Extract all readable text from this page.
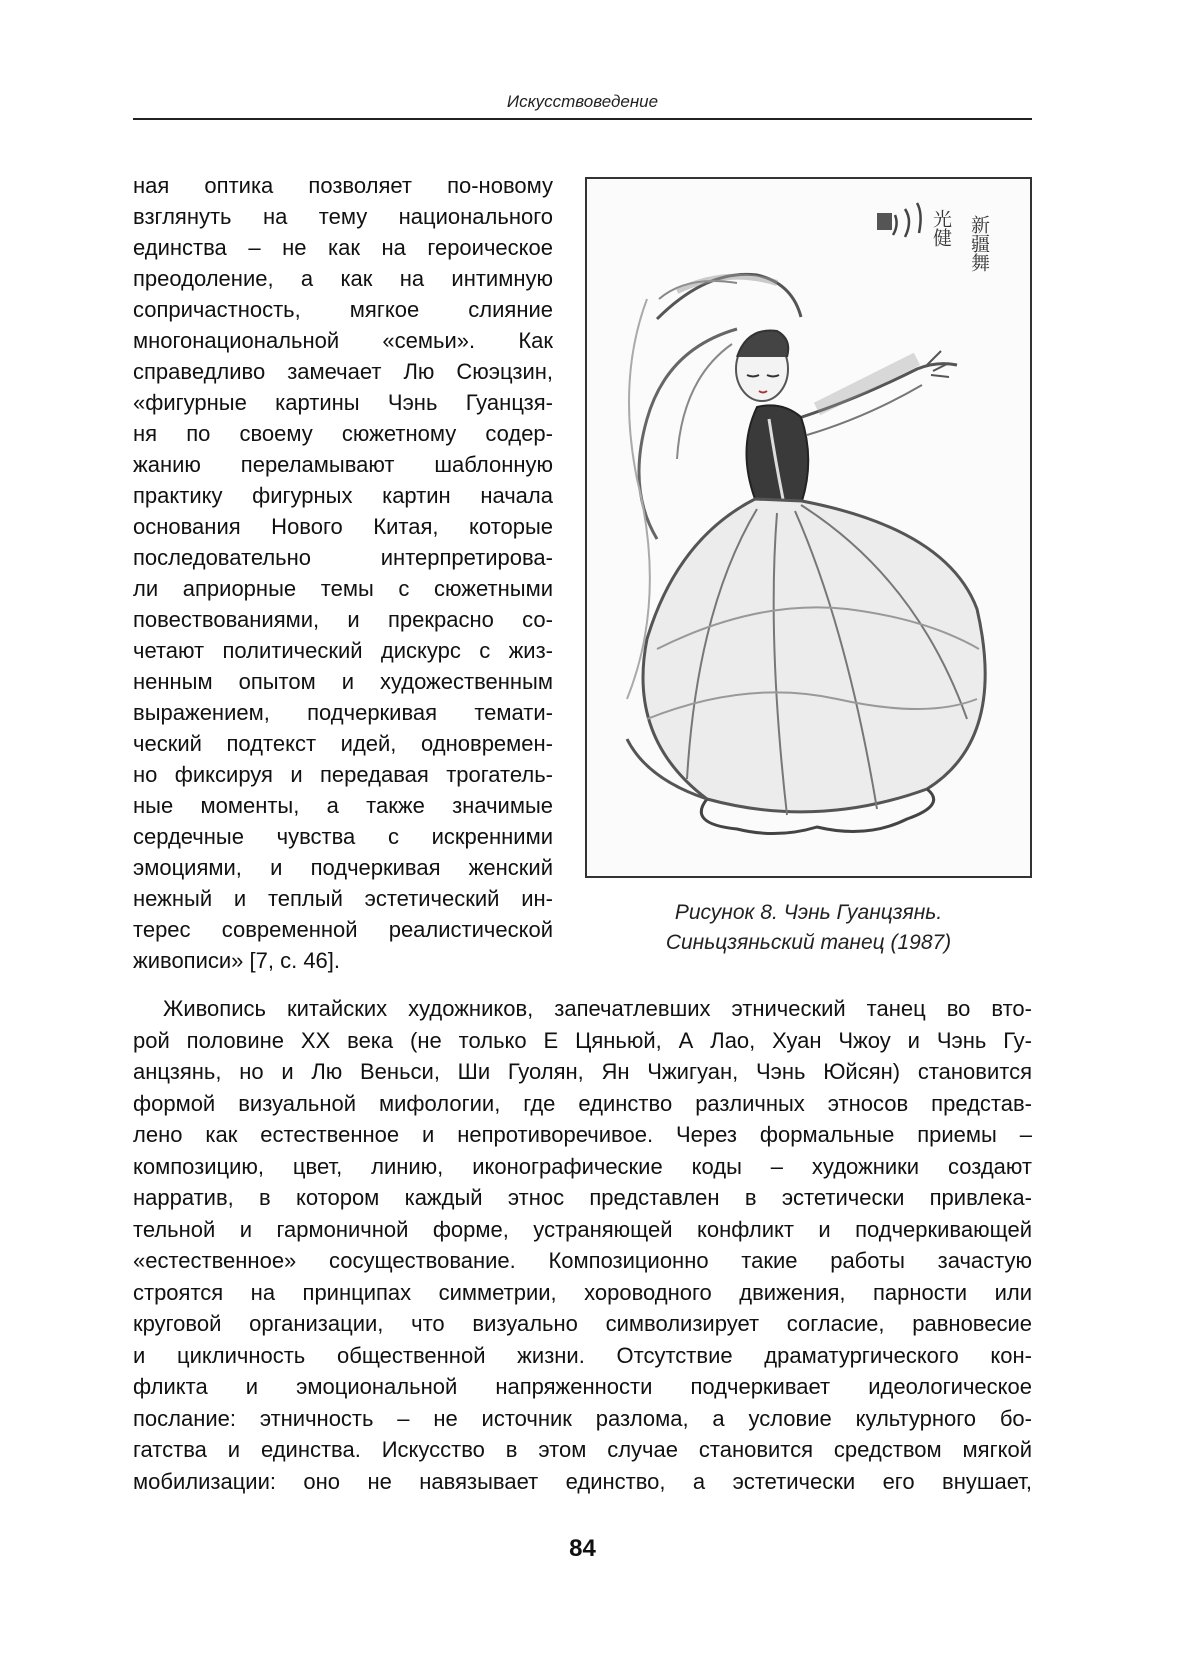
Искусствоведение
ная оптика позволяет по-новому
взглянуть на тему национального
единства – не как на героическое
преодоление, а как на интимную
сопричастность, мягкое слияние
многонациональной «семьи». Как
справедливо замечает Лю Сюэцзин,
«фигурные картины Чэнь Гуанцзя-
ня по своему сюжетному содер-
жанию переламывают шаблонную
практику фигурных картин начала
основания Нового Китая, которые
последовательно интерпретирова-
ли априорные темы с сюжетными
повествованиями, и прекрасно со-
четают политический дискурс с жиз-
ненным опытом и художественным
выражением, подчеркивая темати-
ческий подтекст идей, одновремен-
но фиксируя и передавая трогатель-
ные моменты, а также значимые
сердечные чувства с искренними
эмоциями, и подчеркивая женский
нежный и теплый эстетический ин-
терес современной реалистической
живописи» [7, с. 46].
新疆舞
光健
Рисунок 8. Чэнь Гуанцзянь.
Синьцзяньский танец (1987)
Живопись китайских художников, запечатлевших этнический танец во вто-
рой половине XX века (не только Е Цяньюй, А Лао, Хуан Чжоу и Чэнь Гу-
анцзянь, но и Лю Веньси, Ши Гуолян, Ян Чжигуан, Чэнь Юйсян) становится
формой визуальной мифологии, где единство различных этносов представ-
лено как естественное и непротиворечивое. Через формальные приемы –
композицию, цвет, линию, иконографические коды – художники создают
нарратив, в котором каждый этнос представлен в эстетически привлека-
тельной и гармоничной форме, устраняющей конфликт и подчеркивающей
«естественное» сосуществование. Композиционно такие работы зачастую
строятся на принципах симметрии, хороводного движения, парности или
круговой организации, что визуально символизирует согласие, равновесие
и цикличность общественной жизни. Отсутствие драматургического кон-
фликта и эмоциональной напряженности подчеркивает идеологическое
послание: этничность – не источник разлома, а условие культурного бо-
гатства и единства. Искусство в этом случае становится средством мягкой
мобилизации: оно не навязывает единство, а эстетически его внушает,
84
